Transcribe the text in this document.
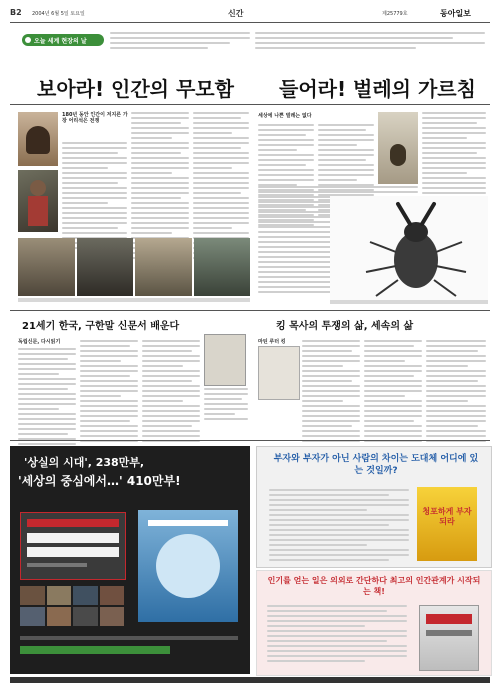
B2 2004년 6월 5일 토요일	신간	제25779호	동아일보
오늘 세계 현장의 날
보아라! 인간의 무모함 들어라! 벌레의 가르침
180년 동안 인간이 저지른 가장 어리석은 전쟁
세상에 나쁜 벌레는 없다
21세기 한국, 구한말 신문서 배운다
독립신문, 다시읽기
킹 목사의 투쟁의 삶, 세속의 삶
마틴 루터 킹
'상실의 시대', 238만부,
'세상의 중심에서…' 410만부!
부자와 부자가 아닌 사람의 차이는 도대체 어디에 있는 것일까?
청포하게 부자 되라
인기를 얻는 일은 의외로 간단하다 최고의 인간관계가 시작되는 책!
